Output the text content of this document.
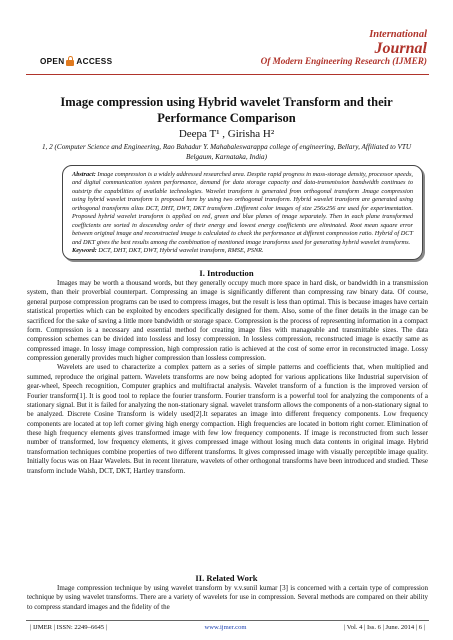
International
Journal
Of Modern Engineering Research (IJMER)
OPEN ACCESS
Image compression using Hybrid wavelet Transform and their Performance Comparison
Deepa T¹ , Girisha H²
1, 2 (Computer Science and Engineering, Rao Bahadur Y. Mahabaleswarappa college of engineering, Bellary, Affiliated to VTU Belgaum, Karnataka, India)

Abstract: Image compression is a widely addressed researched area. Despite rapid progress in mass-storage density, processor speeds, and digital communication system performance, demand for data storage capacity and data-transmission bandwidth continues to outstrip the capabilities of available technologies. Wavelet transform is generated from orthogonal transform .Image compression using hybrid wavelet transform is proposed here by using two orthogonal transform. Hybrid wavelet transform are generated using orthogonal transforms alias DCT, DHT, DWT, DKT transform .Different color images of size 256x256 are used for experimentation. Proposed hybrid wavelet transform is applied on red, green and blue planes of image separately. Then in each plane transformed coefficients are sorted in descending order of their energy and lowest energy coefficients are eliminated. Root mean square error between original image and reconstructed image is calculated to check the performance at different compression ratio. Hybrid of DCT and DKT gives the best results among the combination of mentioned image transforms used for generating hybrid wavelet transforms.
Keyword: DCT, DHT, DKT, DWT, Hybrid wavelet transform, RMSE, PSNR.

I. Introduction

Images may be worth a thousand words, but they generally occupy much more space in hard disk, or bandwidth in a transmission system, than their proverbial counterpart. Compressing an image is significantly different than compressing raw binary data. Of course, general purpose compression programs can be used to compress images, but the result is less than optimal. This is because images have certain statistical properties which can be exploited by encoders specifically designed for them. Also, some of the finer details in the image can be sacrificed for the sake of saving a little more bandwidth or storage space. Compression is the process of representing information in a compact form. Compression is a necessary and essential method for creating image files with manageable and transmittable sizes. The data compression schemes can be divided into lossless and lossy compression. In lossless compression, reconstructed image is exactly same as compressed image. In lossy image compression, high compression ratio is achieved at the cost of some error in reconstructed image. Lossy compression generally provides much higher compression than lossless compression.

Wavelets are used to characterize a complex pattern as a series of simple patterns and coefficients that, when multiplied and summed, reproduce the original pattern. Wavelets transforms are now being adopted for various applications like Industrial supervision of gear-wheel, Speech recognition, Computer graphics and multifractal analysis. Wavelet transform of a function is the improved version of Fourier transform[1]. It is good tool to replace the fourier transform. Fourier transform is a powerful tool for analyzing the components of a stationary signal. But it is failed for analyzing the non-stationary signal. wavelet transform allows the components of a non-stationary signal to be analyzed. Discrete Cosine Transform is widely used[2].It separates an image into different frequency components. Low frequency components are located at top left corner giving high energy compaction. High frequencies are located in bottom right corner. Elimination of these high frequency elements gives transformed image with few low frequency components. If image is reconstructed from such lesser number of transformed, low frequency elements, it gives compressed image without losing much data contents in original image. Hybrid transformation techniques combine properties of two different transforms. It gives compressed image with visually perceptible image quality. Initially focus was on Haar Wavelets. But in recent literature, wavelets of other orthogonal transforms have been introduced and studied. These transform include Walsh, DCT, DKT, Hartley transform.

II. Related Work

Image compression technique by using wavelet transform by v.v.sunil kumar [3] is concerned with a certain type of compression technique by using wavelet transforms. There are a variety of wavelets for use in compression. Several methods are compared on their ability to compress standard images and the fidelity of the

| IJMER | ISSN: 2249–6645 |	www.ijmer.com	| Vol. 4 | Iss. 6 | June. 2014 | 6 |
